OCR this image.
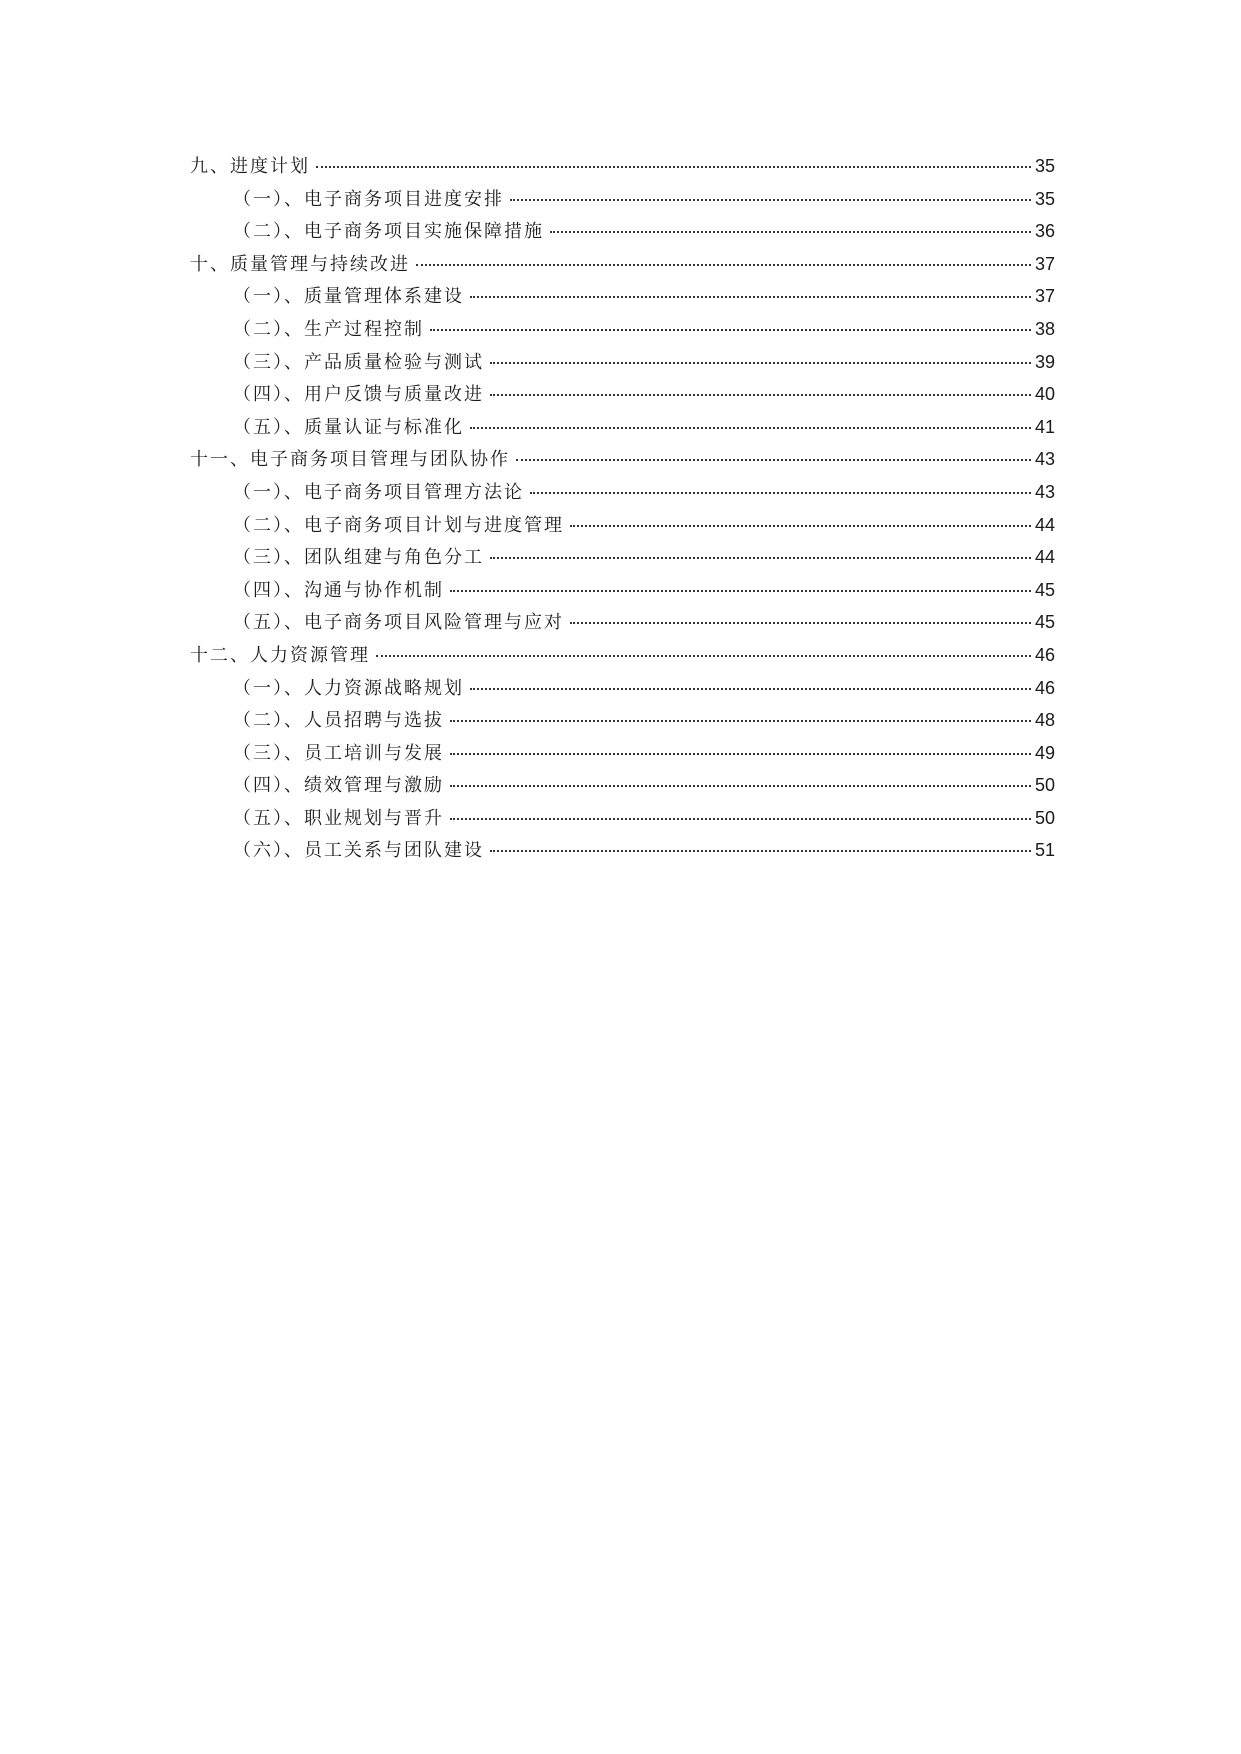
九、进度计划	35
（一）、电子商务项目进度安排	35
（二）、电子商务项目实施保障措施	36
十、质量管理与持续改进	37
（一）、质量管理体系建设	37
（二）、生产过程控制	38
（三）、产品质量检验与测试	39
（四）、用户反馈与质量改进	40
（五）、质量认证与标准化	41
十一、电子商务项目管理与团队协作	43
（一）、电子商务项目管理方法论	43
（二）、电子商务项目计划与进度管理	44
（三）、团队组建与角色分工	44
（四）、沟通与协作机制	45
（五）、电子商务项目风险管理与应对	45
十二、人力资源管理	46
（一）、人力资源战略规划	46
（二）、人员招聘与选拔	48
（三）、员工培训与发展	49
（四）、绩效管理与激励	50
（五）、职业规划与晋升	50
（六）、员工关系与团队建设	51
